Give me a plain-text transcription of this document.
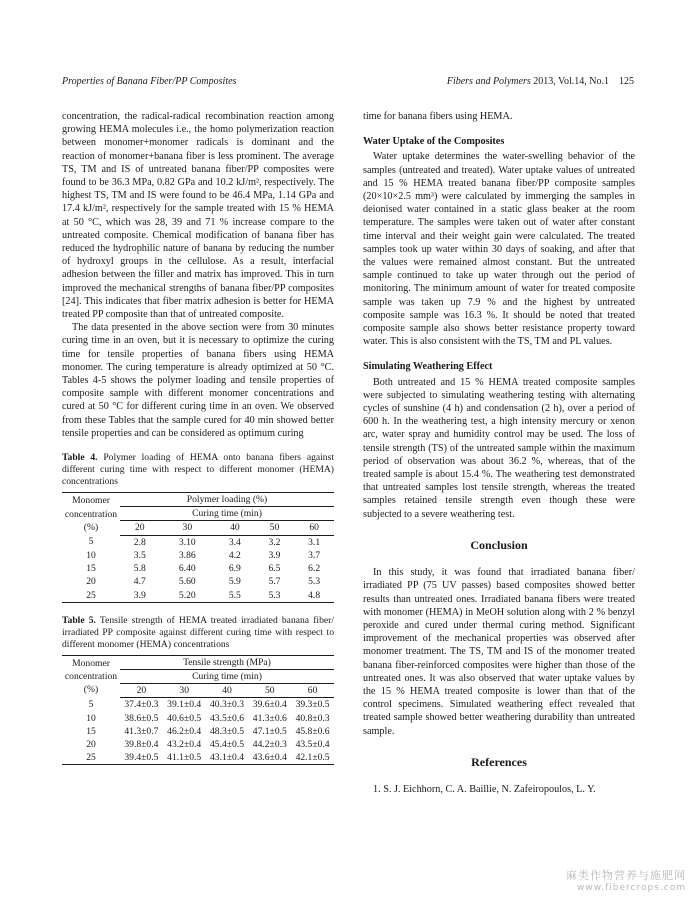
Properties of Banana Fiber/PP Composites	Fibers and Polymers 2013, Vol.14, No.1 125

concentration, the radical-radical recombination reaction among growing HEMA molecules i.e., the homo polymerization reaction between monomer+monomer radicals is dominant and the reaction of monomer+banana fiber is less prominent. The average TS, TM and IS of untreated banana fiber/PP composites were found to be 36.3 MPa, 0.82 GPa and 10.2 kJ/m², respectively. The highest TS, TM and IS were found to be 46.4 MPa, 1.14 GPa and 17.4 kJ/m², respectively for the sample treated with 15 % HEMA at 50 °C, which was 28, 39 and 71 % increase compare to the untreated composite. Chemical modification of banana fiber has reduced the hydrophilic nature of banana by reducing the number of hydroxyl groups in the cellulose. As a result, interfacial adhesion between the filler and matrix has improved. This in turn improved the mechanical strengths of banana fiber/PP composites [24]. This indicates that fiber matrix adhesion is better for HEMA treated PP composite than that of untreated composite.

The data presented in the above section were from 30 minutes curing time in an oven, but it is necessary to optimize the curing time for tensile properties of banana fibers using HEMA monomer. The curing temperature is already optimized at 50 °C. Tables 4-5 shows the polymer loading and tensile properties of composite sample with different monomer concentrations and cured at 50 °C for different curing time in an oven. We observed from these Tables that the sample cured for 40 min showed better tensile properties and can be considered as optimum curing

Table 4. Polymer loading of HEMA onto banana fibers against different curing time with respect to different monomer (HEMA) concentrations
Monomer concentration (%)	Polymer loading (%)				
	Curing time (min)				
	20	30	40	50	60
5	2.8	3.10	3.4	3.2	3.1
10	3.5	3.86	4.2	3.9	3.7
15	5.8	6.40	6.9	6.5	6.2
20	4.7	5.60	5.9	5.7	5.3
25	3.9	5.20	5.5	5.3	4.8
Table 5. Tensile strength of HEMA treated irradiated banana fiber/ irradiated PP composite against different curing time with respect to different monomer (HEMA) concentrations
Monomer concentration (%)	Tensile strength (MPa)				
	Curing time (min)				
	20	30	40	50	60
5	37.4±0.3	39.1±0.4	40.3±0.3	39.6±0.4	39.3±0.5
10	38.6±0.5	40.6±0.5	43.5±0.6	41.3±0.6	40.8±0.3
15	41.3±0.7	46.2±0.4	48.3±0.5	47.1±0.5	45.8±0.6
20	39.8±0.4	43.2±0.4	45.4±0.5	44.2±0.3	43.5±0.4
25	39.4±0.5	41.1±0.5	43.1±0.4	43.6±0.4	42.1±0.5

time for banana fibers using HEMA.

Water Uptake of the Composites

Water uptake determines the water-swelling behavior of the samples (untreated and treated). Water uptake values of untreated and 15 % HEMA treated banana fiber/PP composite samples (20×10×2.5 mm³) were calculated by immerging the samples in deionised water contained in a static glass beaker at the room temperature. The samples were taken out of water after constant time interval and their weight gain were calculated. The treated samples took up water within 30 days of soaking, and after that the values were remained almost constant. But the untreated sample continued to take up water through out the period of monitoring. The minimum amount of water for treated composite sample was taken up 7.9 % and the highest by untreated composite sample was 16.3 %. It should be noted that treated composite sample also shows better resistance property toward water. This is also consistent with the TS, TM and PL values.

Simulating Weathering Effect

Both untreated and 15 % HEMA treated composite samples were subjected to simulating weathering testing with alternating cycles of sunshine (4 h) and condensation (2 h), over a period of 600 h. In the weathering test, a high intensity mercury or xenon arc, water spray and humidity control may be used. The loss of tensile strength (TS) of the untreated sample within the maximum period of observation was about 36.2 %, whereas, that of the treated sample is about 15.4 %. The weathering test demonstrated that untreated samples lost tensile strength, whereas the treated samples retained tensile strength even though these were subjected to a severe weathering test.

Conclusion

In this study, it was found that irradiated banana fiber/ irradiated PP (75 UV passes) based composites showed better results than untreated ones. Irradiated banana fibers were treated with monomer (HEMA) in MeOH solution along with 2 % benzyl peroxide and cured under thermal curing method. Significant improvement of the mechanical properties was observed after monomer treatment. The TS, TM and IS of the monomer treated banana fiber-reinforced composites were higher than those of the untreated ones. It was also observed that water uptake values by the 15 % HEMA treated composite is lower than that of the control specimens. Simulated weathering effect revealed that treated sample showed better weathering durability than untreated sample.

References

1. S. J. Eichhorn, C. A. Baillie, N. Zafeiropoulos, L. Y.

麻类作物营养与施肥网
www.fibercrops.com
